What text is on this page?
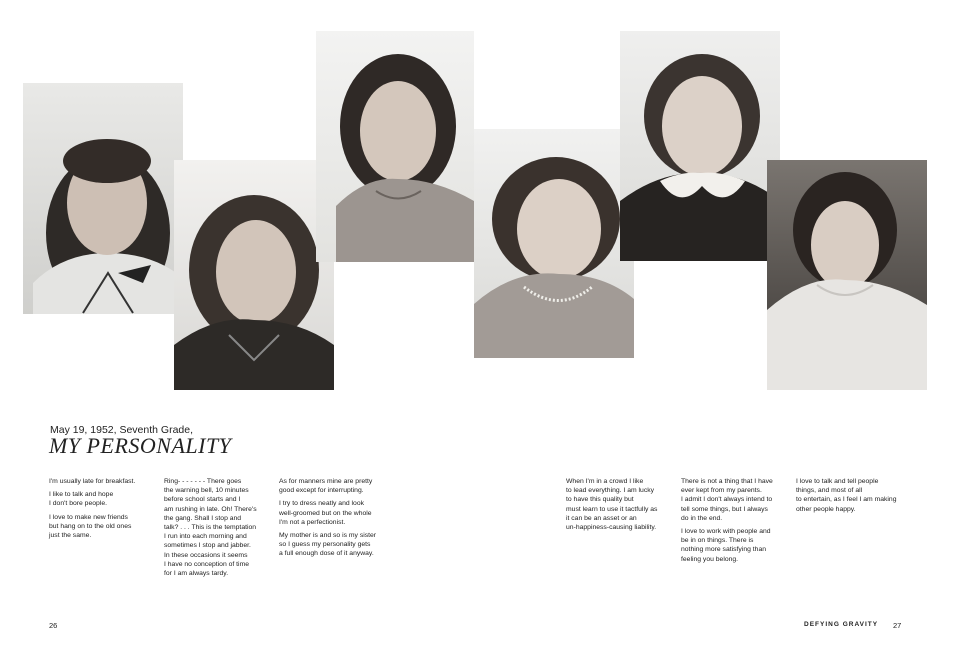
May 19, 1952, Seventh Grade,
MY PERSONALITY

I'm usually late for breakfast.

I like to talk and hope
I don't bore people.

I love to make new friends
but hang on to the old ones
just the same.

Ring- - - - - - - There goes
the warning bell, 10 minutes
before school starts and I
am rushing in late. Oh! There's
the gang. Shall I stop and
talk? . . . This is the temptation
I run into each morning and
sometimes I stop and jabber.
In these occasions it seems
I have no conception of time
for I am always tardy.

As for manners mine are pretty
good except for interrupting.

I try to dress neatly and look
well-groomed but on the whole
I'm not a perfectionist.

My mother is and so is my sister
so I guess my personality gets
a full enough dose of it anyway.

When I'm in a crowd I like
to lead everything. I am lucky
to have this quality but
must learn to use it tactfully as
it can be an asset or an
un-happiness-causing liability.

There is not a thing that I have
ever kept from my parents.
I admit I don't always intend to
tell some things, but I always
do in the end.

I love to work with people and
be in on things. There is
nothing more satisfying than
feeling you belong.

I love to talk and tell people
things, and most of all
to entertain, as I feel I am making
other people happy.

26	DEFYING GRAVITY 27
